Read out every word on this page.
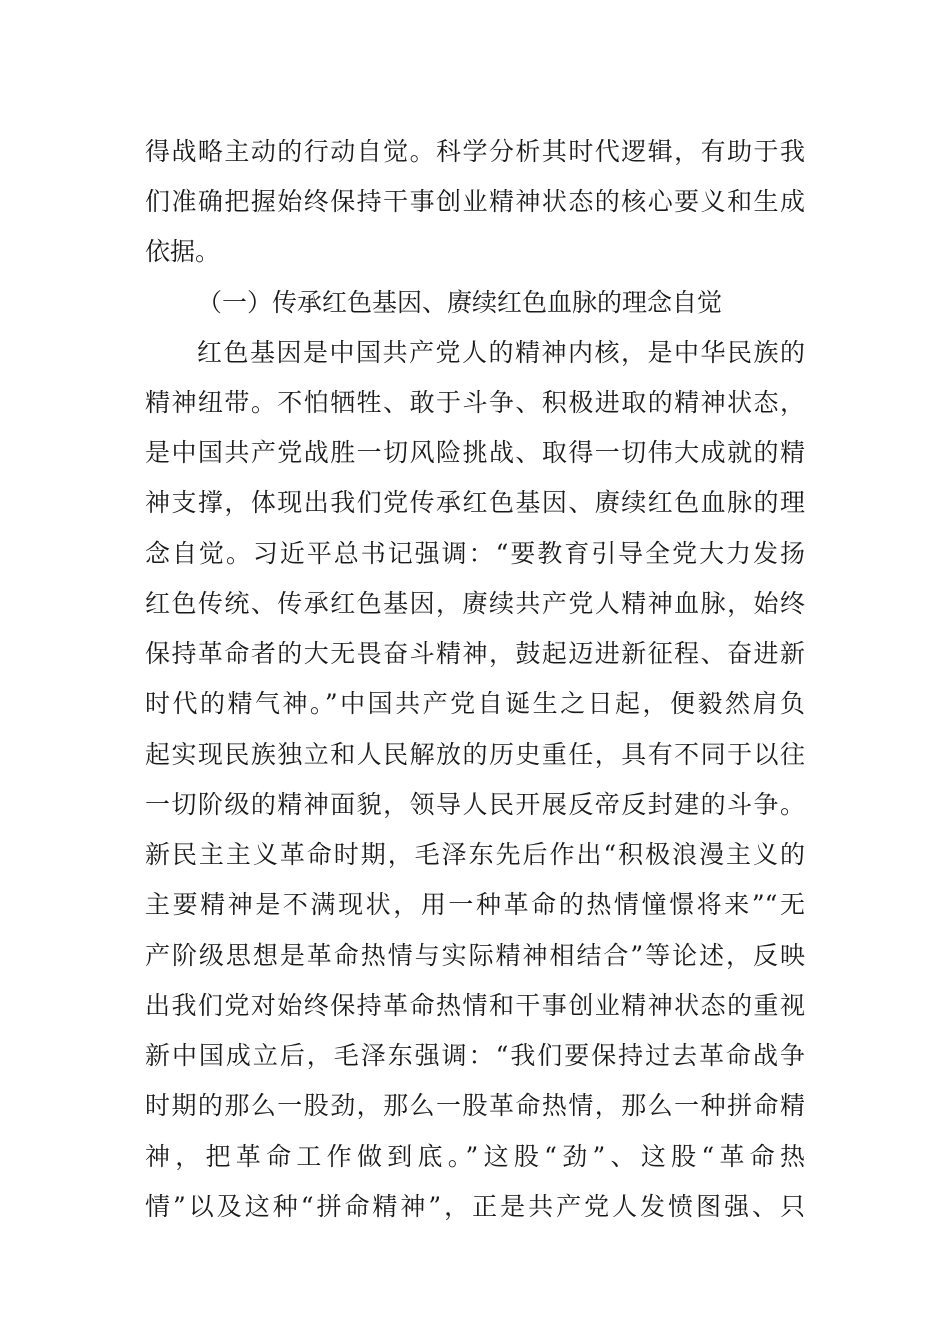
得战略主动的行动自觉。科学分析其时代逻辑，有助于我
们准确把握始终保持干事创业精神状态的核心要义和生成
依据。
（一）传承红色基因、赓续红色血脉的理念自觉
红色基因是中国共产党人的精神内核，是中华民族的
精神纽带。不怕牺牲、敢于斗争、积极进取的精神状态，
是中国共产党战胜一切风险挑战、取得一切伟大成就的精
神支撑，体现出我们党传承红色基因、赓续红色血脉的理
念自觉。习近平总书记强调：“要教育引导全党大力发扬
红色传统、传承红色基因，赓续共产党人精神血脉，始终
保持革命者的大无畏奋斗精神，鼓起迈进新征程、奋进新
时代的精气神。”中国共产党自诞生之日起，便毅然肩负
起实现民族独立和人民解放的历史重任，具有不同于以往
一切阶级的精神面貌，领导人民开展反帝反封建的斗争。
新民主主义革命时期，毛泽东先后作出“积极浪漫主义的
主要精神是不满现状，用一种革命的热情憧憬将来”“无
产阶级思想是革命热情与实际精神相结合”等论述，反映
出我们党对始终保持革命热情和干事创业精神状态的重视
新中国成立后，毛泽东强调：“我们要保持过去革命战争
时期的那么一股劲，那么一股革命热情，那么一种拼命精
神，把革命工作做到底。”这股“劲”、这股“革命热
情”以及这种“拼命精神”，正是共产党人发愤图强、只
